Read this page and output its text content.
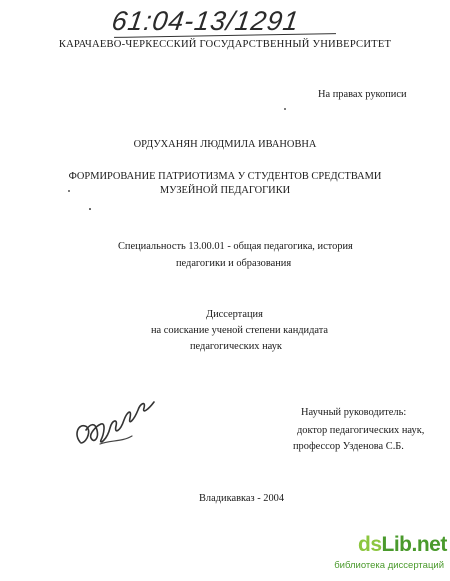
61:04-13/1291
КАРАЧАЕВО-ЧЕРКЕССКИЙ ГОСУДАРСТВЕННЫЙ УНИВЕРСИТЕТ
На правах рукописи
ОРДУХАНЯН ЛЮДМИЛА ИВАНОВНА
ФОРМИРОВАНИЕ ПАТРИОТИЗМА У СТУДЕНТОВ СРЕДСТВАМИ
МУЗЕЙНОЙ ПЕДАГОГИКИ
Специальность 13.00.01 - общая педагогика, история
педагогики и образования
Диссертация
на соискание ученой степени кандидата
педагогических наук
Научный руководитель:
доктор педагогических наук,
профессор Узденова С.Б.
Владикавказ - 2004
dsLib.net
библиотека диссертаций
